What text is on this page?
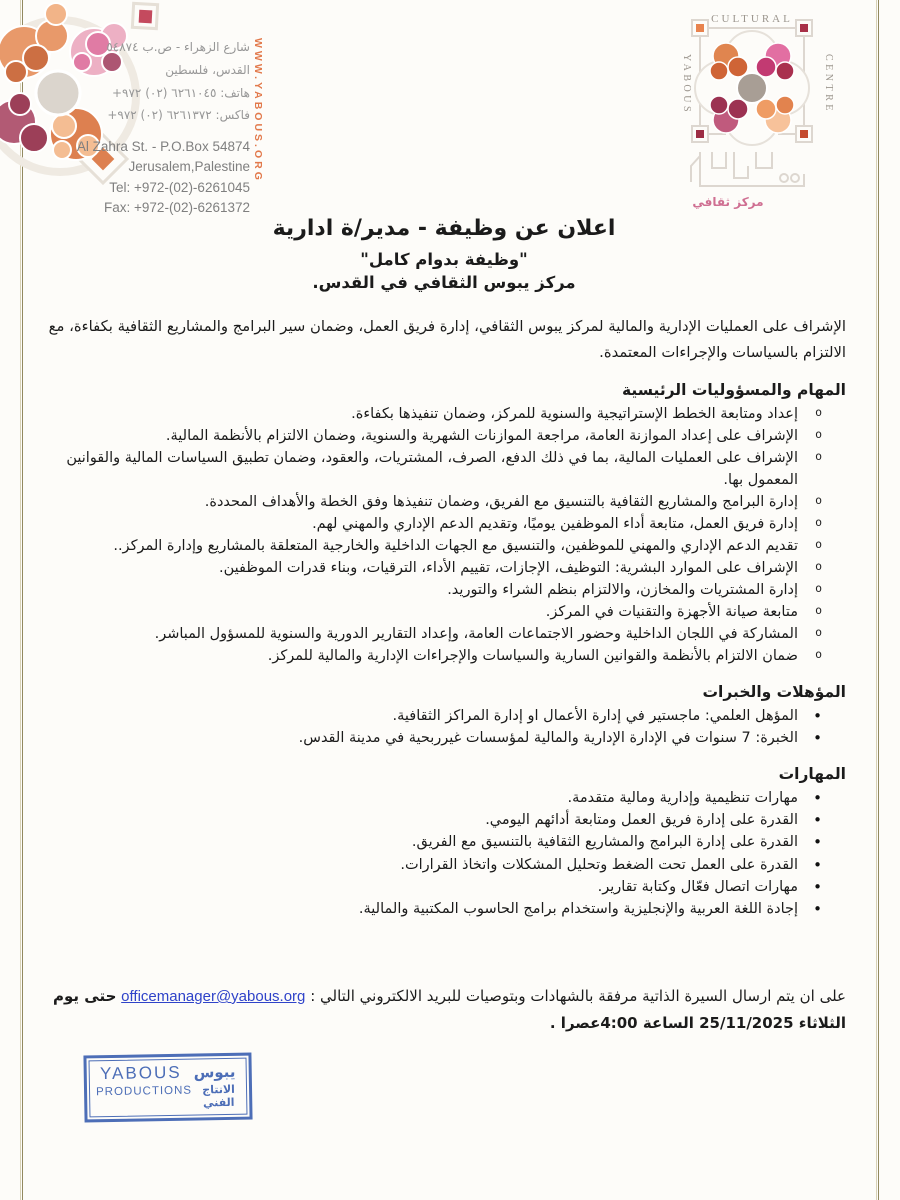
شارع الزهراء - ص.ب ٥٤٨٧٤
القدس، فلسطين
هاتف: ٦٢٦١٠٤٥ (٠٢) ٩٧٢+
فاكس: ٦٢٦١٣٧٢ (٠٢) ٩٧٢+
Al Zahra St. - P.O.Box 54874
Jerusalem,Palestine
Tel: +972-(02)-6261045
Fax: +972-(02)-6261372
WWW.YABOUS.ORG
CULTURAL
YABOUS	CENTRE
مركز ثقافي
اعلان عن وظيفة - مدير/ة ادارية
"وظيفة بدوام كامل"
مركز يبوس الثقافي في القدس.

الإشراف على العمليات الإدارية والمالية لمركز يبوس الثقافي، إدارة فريق العمل، وضمان سير البرامج والمشاريع الثقافية بكفاءة، مع الالتزام بالسياسات والإجراءات المعتمدة.

المهام والمسؤوليات الرئيسية
o إعداد ومتابعة الخطط الإستراتيجية والسنوية للمركز، وضمان تنفيذها بكفاءة.
o الإشراف على إعداد الموازنة العامة، مراجعة الموازنات الشهرية والسنوية، وضمان الالتزام بالأنظمة المالية.
o الإشراف على العمليات المالية، بما في ذلك الدفع، الصرف، المشتريات، والعقود، وضمان تطبيق السياسات المالية والقوانين المعمول بها.
o إدارة البرامج والمشاريع الثقافية بالتنسيق مع الفريق، وضمان تنفيذها وفق الخطة والأهداف المحددة.
o إدارة فريق العمل، متابعة أداء الموظفين يوميًا، وتقديم الدعم الإداري والمهني لهم.
o تقديم الدعم الإداري والمهني للموظفين، والتنسيق مع الجهات الداخلية والخارجية المتعلقة بالمشاريع وإدارة المركز..
o الإشراف على الموارد البشرية: التوظيف، الإجازات، تقييم الأداء، الترقيات، وبناء قدرات الموظفين.
o إدارة المشتريات والمخازن، والالتزام بنظم الشراء والتوريد.
o متابعة صيانة الأجهزة والتقنيات في المركز.
o المشاركة في اللجان الداخلية وحضور الاجتماعات العامة، وإعداد التقارير الدورية والسنوية للمسؤول المباشر.
o ضمان الالتزام بالأنظمة والقوانين السارية والسياسات والإجراءات الإدارية والمالية للمركز.
المؤهلات والخبرات
• المؤهل العلمي: ماجستير في إدارة الأعمال او إدارة المراكز الثقافية.
• الخبرة: 7 سنوات في الإدارة الإدارية والمالية لمؤسسات غيرربحية في مدينة القدس.
المهارات
• مهارات تنظيمية وإدارية ومالية متقدمة.
• القدرة على إدارة فريق العمل ومتابعة أدائهم اليومي.
• القدرة على إدارة البرامج والمشاريع الثقافية بالتنسيق مع الفريق.
• القدرة على العمل تحت الضغط وتحليل المشكلات واتخاذ القرارات.
• مهارات اتصال فعّال وكتابة تقارير.
• إجادة اللغة العربية والإنجليزية واستخدام برامج الحاسوب المكتبية والمالية.

على ان يتم ارسال السيرة الذاتية مرفقة بالشهادات وبتوصيات للبريد الالكتروني التالي : officemanager@yabous.org حتى يوم الثلاثاء 25/11/2025 الساعة 4:00عصرا .

YABOUS يبوس
PRODUCTIONS الانتاج الفني
